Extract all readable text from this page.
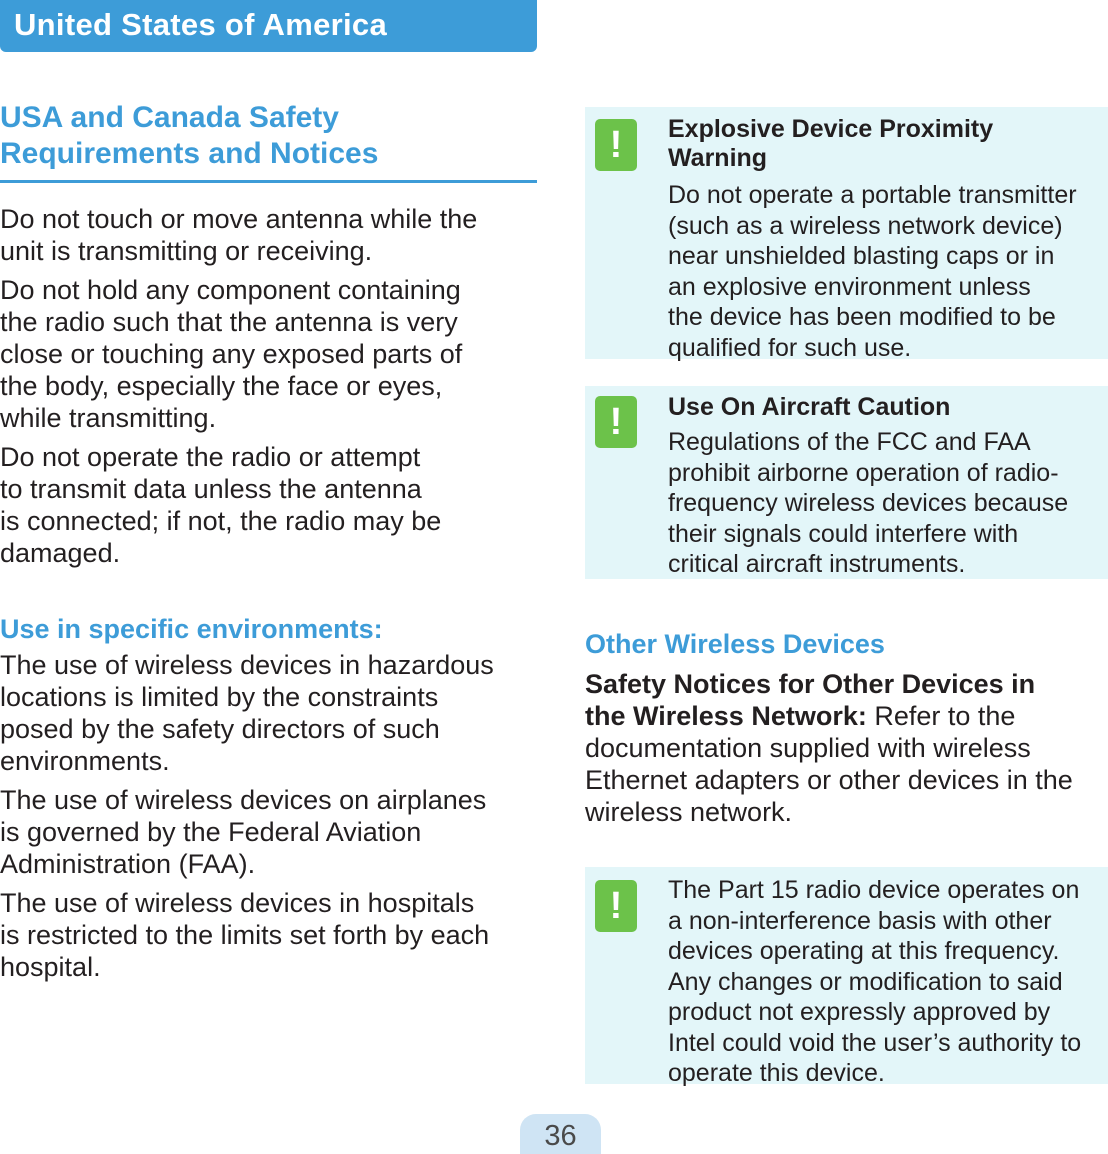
United States of America
USA and Canada Safety
Requirements and Notices

Do not touch or move antenna while the
unit is transmitting or receiving.

Do not hold any component containing
the radio such that the antenna is very
close or touching any exposed parts of
the body, especially the face or eyes,
while transmitting.

Do not operate the radio or attempt
to transmit data unless the antenna
is connected; if not, the radio may be
damaged.

Use in specific environments:

The use of wireless devices in hazardous
locations is limited by the constraints
posed by the safety directors of such
environments.

The use of wireless devices on airplanes
is governed by the Federal Aviation
Administration (FAA).

The use of wireless devices in hospitals
is restricted to the limits set forth by each
hospital.

!	Explosive Device Proximity
Warning

Do not operate a portable transmitter
(such as a wireless network device)
near unshielded blasting caps or in
an explosive environment unless
the device has been modified to be
qualified for such use.

!	Use On Aircraft Caution

Regulations of the FCC and FAA
prohibit airborne operation of radio-
frequency wireless devices because
their signals could interfere with
critical aircraft instruments.

Other Wireless Devices

Safety Notices for Other Devices in
the Wireless Network: Refer to the
documentation supplied with wireless
Ethernet adapters or other devices in the
wireless network.

!	The Part 15 radio device operates on
a non-interference basis with other
devices operating at this frequency.
Any changes or modification to said
product not expressly approved by
Intel could void the user’s authority to
operate this device.

36
